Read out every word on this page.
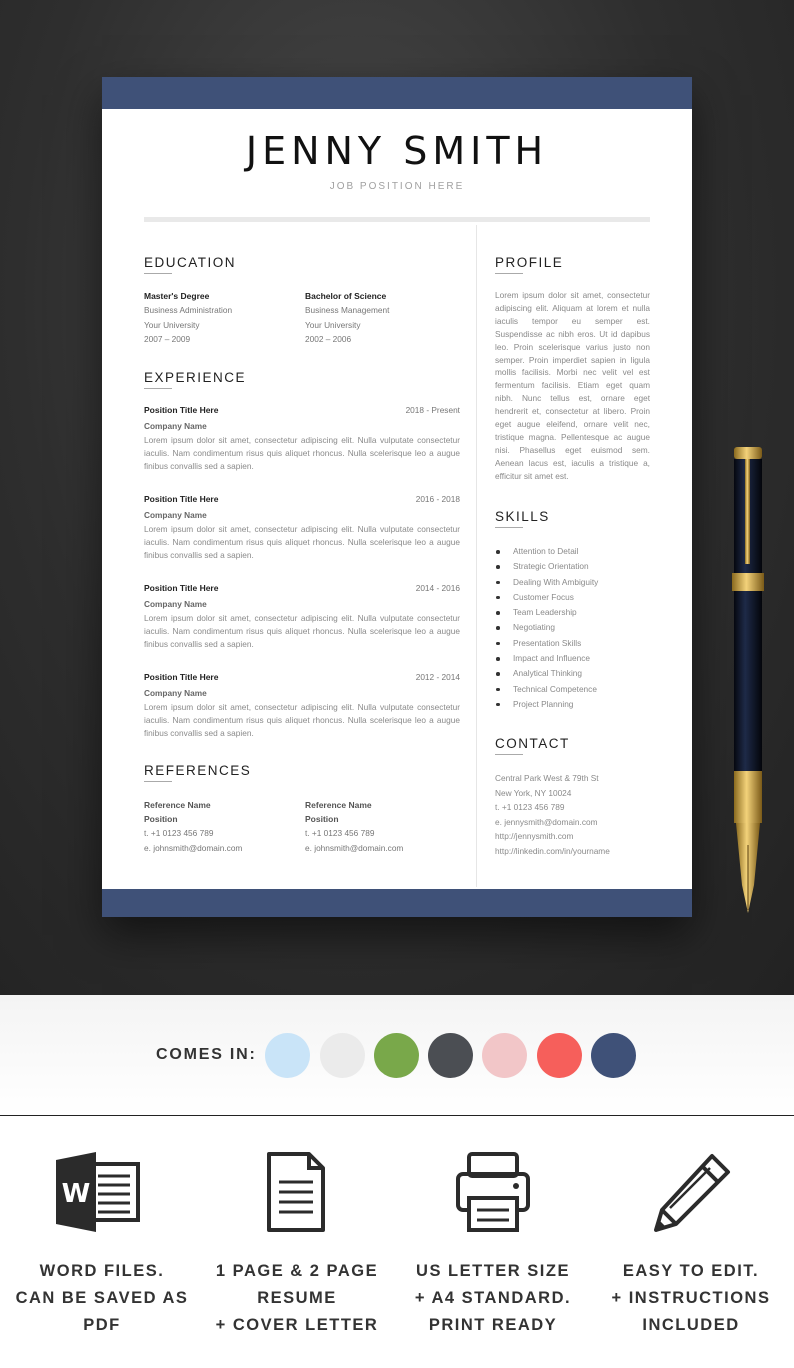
JENNY SMITH
JOB POSITION HERE
EDUCATION
Master's Degree
Business Administration
Your University
2007 – 2009
Bachelor of Science
Business Management
Your University
2002 – 2006
EXPERIENCE
Position Title Here	2018 - Present
Company Name
Lorem ipsum dolor sit amet, consectetur adipiscing elit. Nulla vulputate consectetur iaculis. Nam condimentum risus quis aliquet rhoncus. Nulla scelerisque leo a augue finibus convallis sed a sapien.
Position Title Here	2016 - 2018
Company Name
Lorem ipsum dolor sit amet, consectetur adipiscing elit. Nulla vulputate consectetur iaculis. Nam condimentum risus quis aliquet rhoncus. Nulla scelerisque leo a augue finibus convallis sed a sapien.
Position Title Here	2014 - 2016
Company Name
Lorem ipsum dolor sit amet, consectetur adipiscing elit. Nulla vulputate consectetur iaculis. Nam condimentum risus quis aliquet rhoncus. Nulla scelerisque leo a augue finibus convallis sed a sapien.
Position Title Here	2012 - 2014
Company Name
Lorem ipsum dolor sit amet, consectetur adipiscing elit. Nulla vulputate consectetur iaculis. Nam condimentum risus quis aliquet rhoncus. Nulla scelerisque leo a augue finibus convallis sed a sapien.
REFERENCES
Reference Name
Position
t. +1 0123 456 789
e. johnsmith@domain.com
Reference Name
Position
t. +1 0123 456 789
e. johnsmith@domain.com
PROFILE
Lorem ipsum dolor sit amet, consectetur adipiscing elit. Aliquam at lorem et nulla iaculis tempor eu semper est. Suspendisse ac nibh eros. Ut id dapibus leo. Proin scelerisque varius justo non semper. Proin imperdiet sapien in ligula mollis facilisis. Morbi nec velit vel est fermentum facilisis. Etiam eget quam nibh. Nunc tellus est, ornare eget hendrerit et, consectetur at libero. Proin eget augue eleifend, ornare velit nec, tristique magna. Pellentesque ac augue nisi. Phasellus eget euismod sem. Aenean lacus est, iaculis a tristique a, efficitur sit amet est.
SKILLS
Attention to Detail
Strategic Orientation
Dealing With Ambiguity
Customer Focus
Team Leadership
Negotiating
Presentation Skills
Impact and Influence
Analytical Thinking
Technical Competence
Project Planning
CONTACT
Central Park West & 79th St
New York, NY 10024
t. +1 0123 456 789
e. jennysmith@domain.com
http://jennysmith.com
http://linkedin.com/in/yourname
COMES IN:
W
WORD FILES.
CAN BE SAVED AS
PDF
1 PAGE & 2 PAGE
RESUME
+ COVER LETTER
US LETTER SIZE
+ A4 STANDARD.
PRINT READY
EASY TO EDIT.
+ INSTRUCTIONS
INCLUDED
